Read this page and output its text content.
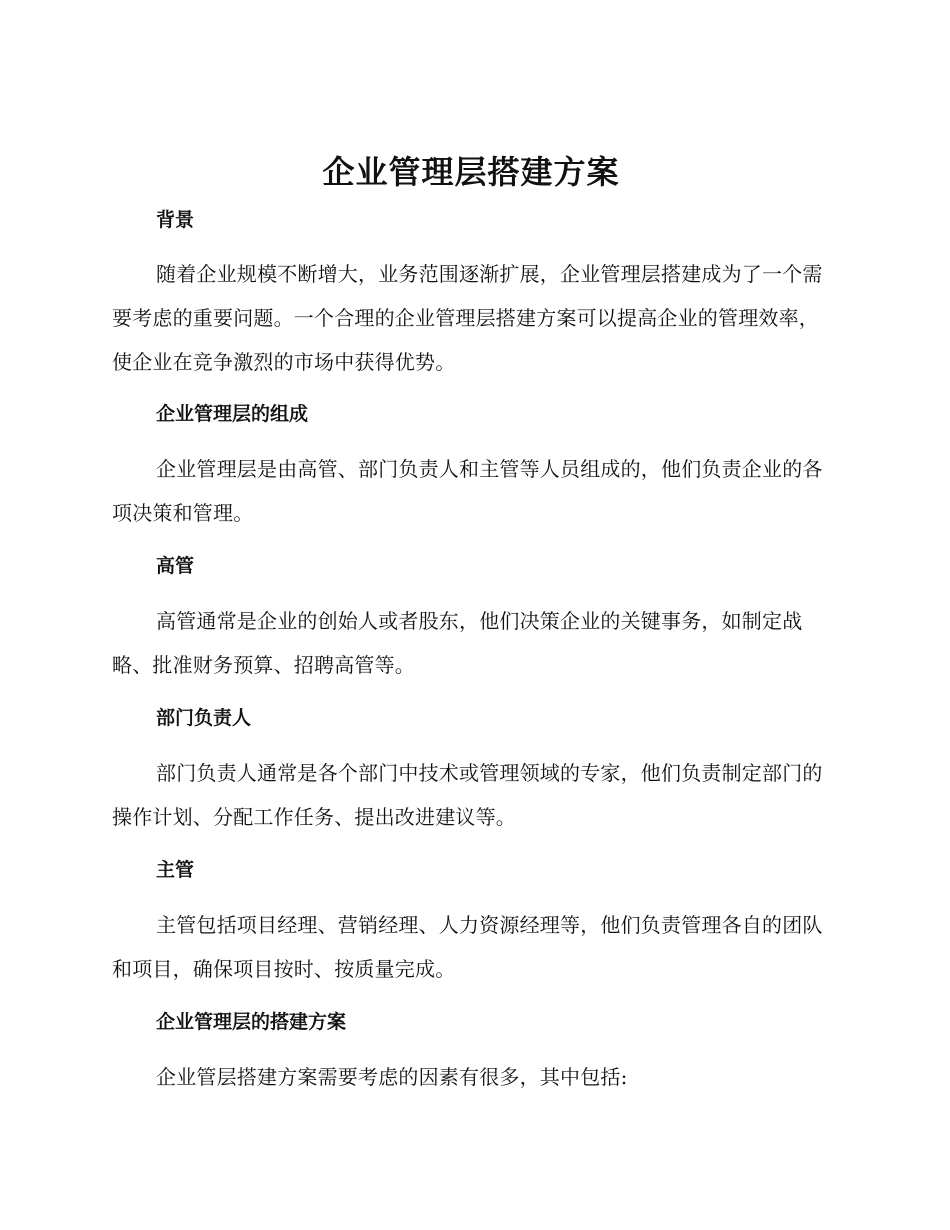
企业管理层搭建方案
背景

随着企业规模不断增大，业务范围逐渐扩展，企业管理层搭建成为了一个需要考虑的重要问题。一个合理的企业管理层搭建方案可以提高企业的管理效率，使企业在竞争激烈的市场中获得优势。

企业管理层的组成

企业管理层是由高管、部门负责人和主管等人员组成的，他们负责企业的各项决策和管理。

高管

高管通常是企业的创始人或者股东，他们决策企业的关键事务，如制定战略、批准财务预算、招聘高管等。

部门负责人

部门负责人通常是各个部门中技术或管理领域的专家，他们负责制定部门的操作计划、分配工作任务、提出改进建议等。

主管

主管包括项目经理、营销经理、人力资源经理等，他们负责管理各自的团队和项目，确保项目按时、按质量完成。

企业管理层的搭建方案

企业管层搭建方案需要考虑的因素有很多，其中包括:
